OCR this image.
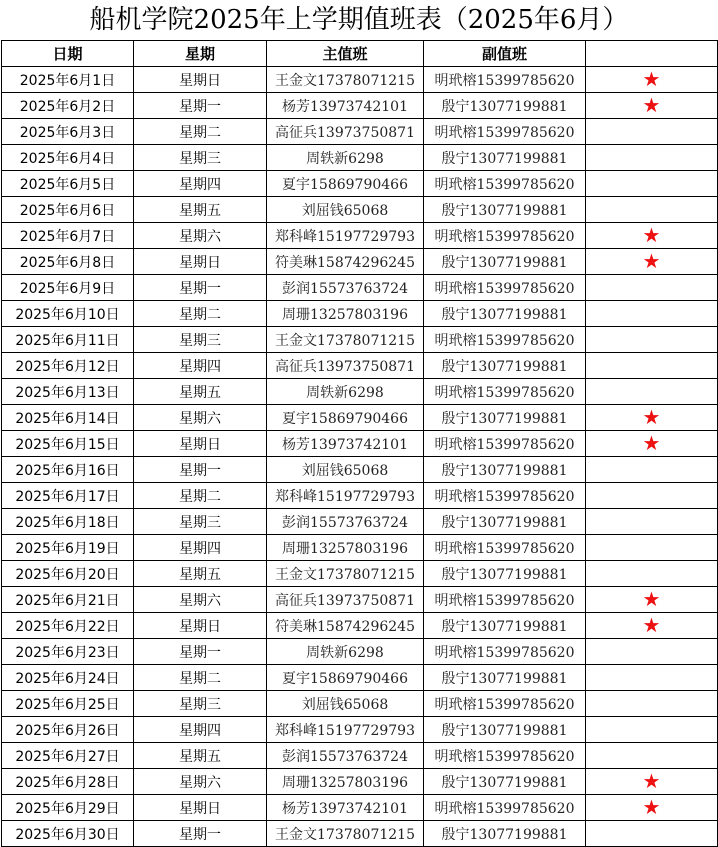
船机学院2025年上学期值班表（2025年6月）
日期	星期	主值班	副值班	
2025年6月1日	星期日	王金文17378071215	明玳榕15399785620	★
2025年6月2日	星期一	杨芳13973742101	殷宁13077199881	★
2025年6月3日	星期二	高征兵13973750871	明玳榕15399785620	
2025年6月4日	星期三	周轶新6298	殷宁13077199881	
2025年6月5日	星期四	夏宇15869790466	明玳榕15399785620	
2025年6月6日	星期五	刘屈钱65068	殷宁13077199881	
2025年6月7日	星期六	郑科峰15197729793	明玳榕15399785620	★
2025年6月8日	星期日	符美琳15874296245	殷宁13077199881	★
2025年6月9日	星期一	彭润15573763724	明玳榕15399785620	
2025年6月10日	星期二	周珊13257803196	殷宁13077199881	
2025年6月11日	星期三	王金文17378071215	明玳榕15399785620	
2025年6月12日	星期四	高征兵13973750871	殷宁13077199881	
2025年6月13日	星期五	周轶新6298	明玳榕15399785620	
2025年6月14日	星期六	夏宇15869790466	殷宁13077199881	★
2025年6月15日	星期日	杨芳13973742101	明玳榕15399785620	★
2025年6月16日	星期一	刘屈钱65068	殷宁13077199881	
2025年6月17日	星期二	郑科峰15197729793	明玳榕15399785620	
2025年6月18日	星期三	彭润15573763724	殷宁13077199881	
2025年6月19日	星期四	周珊13257803196	明玳榕15399785620	
2025年6月20日	星期五	王金文17378071215	殷宁13077199881	
2025年6月21日	星期六	高征兵13973750871	明玳榕15399785620	★
2025年6月22日	星期日	符美琳15874296245	殷宁13077199881	★
2025年6月23日	星期一	周轶新6298	明玳榕15399785620	
2025年6月24日	星期二	夏宇15869790466	殷宁13077199881	
2025年6月25日	星期三	刘屈钱65068	明玳榕15399785620	
2025年6月26日	星期四	郑科峰15197729793	殷宁13077199881	
2025年6月27日	星期五	彭润15573763724	明玳榕15399785620	
2025年6月28日	星期六	周珊13257803196	殷宁13077199881	★
2025年6月29日	星期日	杨芳13973742101	明玳榕15399785620	★
2025年6月30日	星期一	王金文17378071215	殷宁13077199881	
